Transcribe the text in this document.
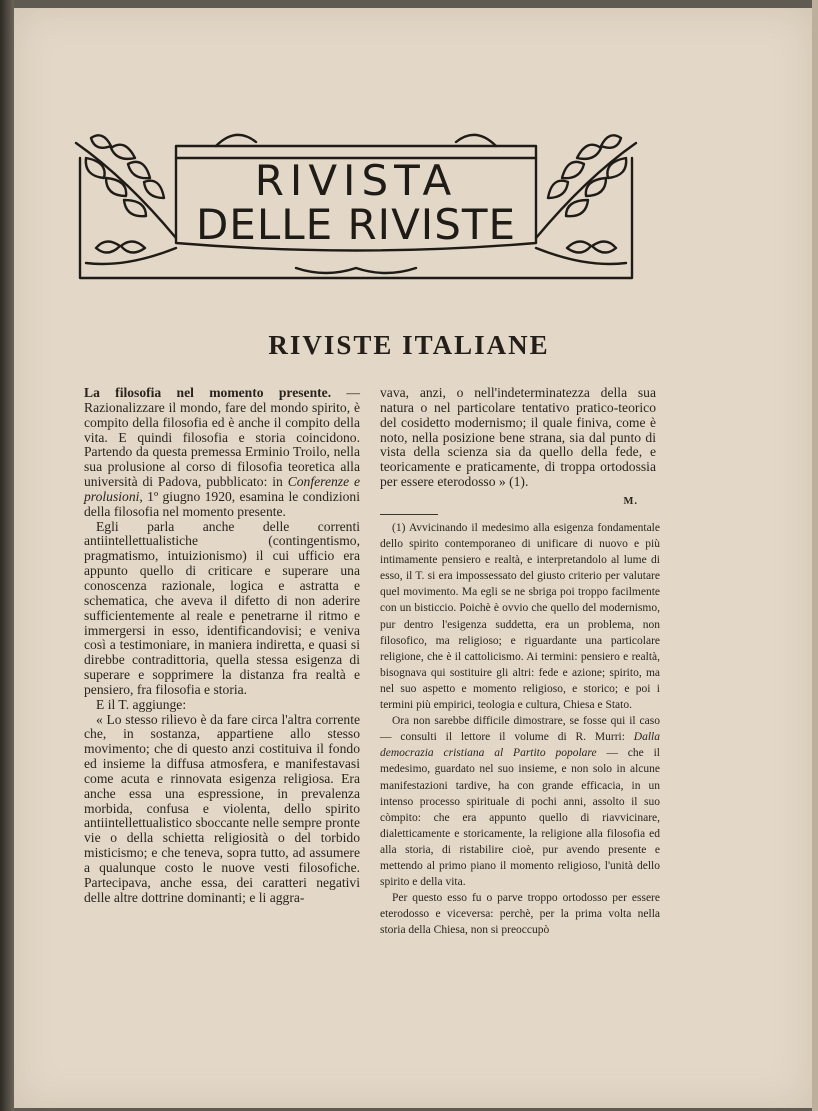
RIVISTA
DELLE RIVISTE
RIVISTE ITALIANE

La filosofia nel momento presente. — Razionalizzare il mondo, fare del mondo spirito, è compito della filosofia ed è anche il compito della vita. E quindi filosofia e storia coincidono. Partendo da questa premessa Erminio Troilo, nella sua prolusione al corso di filosofia teoretica alla università di Padova, pubblicato: in Conferenze e prolusioni, 1º giugno 1920, esamina le condizioni della filosofia nel momento presente.

Egli parla anche delle correnti antiintellettualistiche (contingentismo, pragmatismo, intuizionismo) il cui ufficio era appunto quello di criticare e superare una conoscenza razionale, logica e astratta e schematica, che aveva il difetto di non aderire sufficientemente al reale e penetrarne il ritmo e immergersi in esso, identificandovisi; e veniva così a testimoniare, in maniera indiretta, e quasi si direbbe contradittoria, quella stessa esigenza di superare e sopprimere la distanza fra realtà e pensiero, fra filosofia e storia.

E il T. aggiunge:

« Lo stesso rilievo è da fare circa l'altra corrente che, in sostanza, appartiene allo stesso movimento; che di questo anzi costituiva il fondo ed insieme la diffusa atmosfera, e manifestavasi come acuta e rinnovata esigenza religiosa. Era anche essa una espressione, in prevalenza morbida, confusa e violenta, dello spirito antiintellettualistico sboccante nelle sempre pronte vie o della schietta religiosità o del torbido misticismo; e che teneva, sopra tutto, ad assumere a qualunque costo le nuove vesti filosofiche. Partecipava, anche essa, dei caratteri negativi delle altre dottrine dominanti; e li aggra-

vava, anzi, o nell'indeterminatezza della sua natura o nel particolare tentativo pratico-teorico del cosidetto modernismo; il quale finiva, come è noto, nella posizione bene strana, sia dal punto di vista della scienza sia da quello della fede, e teoricamente e praticamente, di troppa ortodossia per essere eterodosso » (1).

M.

(1) Avvicinando il medesimo alla esigenza fondamentale dello spirito contemporaneo di unificare di nuovo e più intimamente pensiero e realtà, e interpretandolo al lume di esso, il T. si era impossessato del giusto criterio per valutare quel movimento. Ma egli se ne sbriga poi troppo facilmente con un bisticcio. Poichè è ovvio che quello del modernismo, pur dentro l'esigenza suddetta, era un problema, non filosofico, ma religioso; e riguardante una particolare religione, che è il cattolicismo. Ai termini: pensiero e realtà, bisognava qui sostituire gli altri: fede e azione; spirito, ma nel suo aspetto e momento religioso, e storico; e poi i termini più empirici, teologia e cultura, Chiesa e Stato.

Ora non sarebbe difficile dimostrare, se fosse qui il caso — consulti il lettore il volume di R. Murri: Dalla democrazia cristiana al Partito popolare — che il medesimo, guardato nel suo insieme, e non solo in alcune manifestazioni tardive, ha con grande efficacia, in un intenso processo spirituale di pochi anni, assolto il suo còmpito: che era appunto quello di riavvicinare, dialetticamente e storicamente, la religione alla filosofia ed alla storia, di ristabilire cioè, pur avendo presente e mettendo al primo piano il momento religioso, l'unità dello spirito e della vita.

Per questo esso fu o parve troppo ortodosso per essere eterodosso e viceversa: perchè, per la prima volta nella storia della Chiesa, non si preoccupò
